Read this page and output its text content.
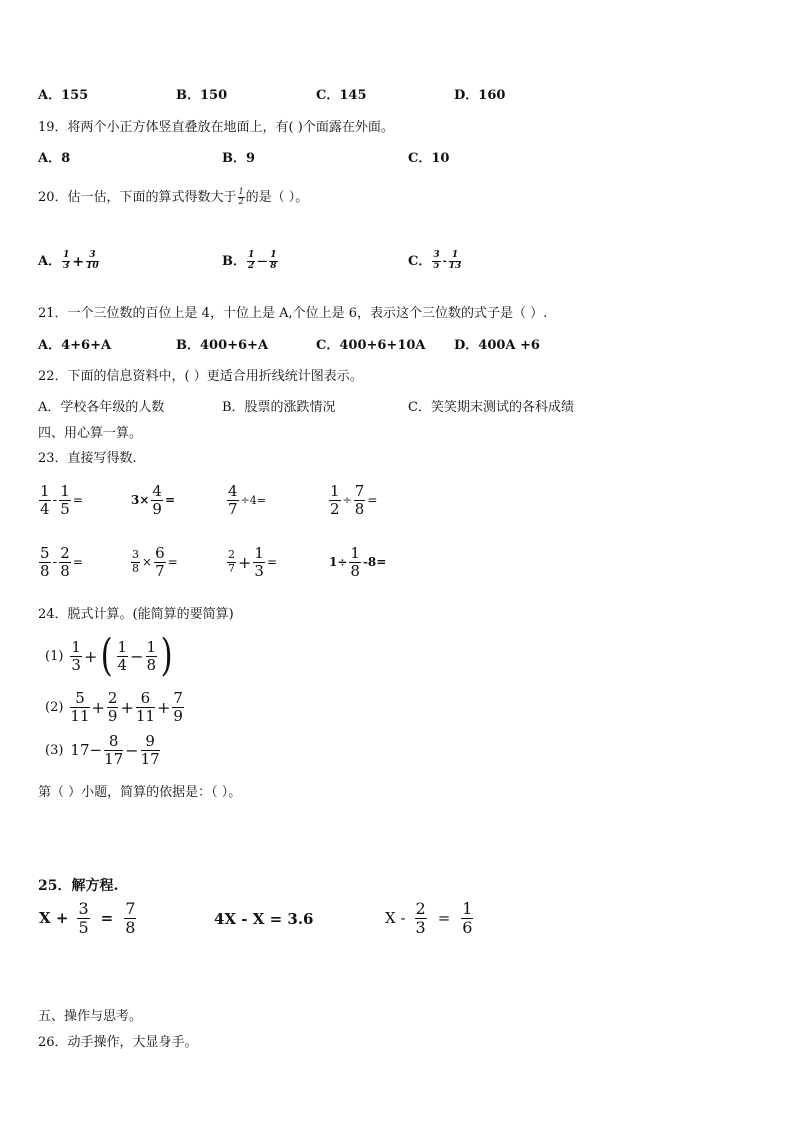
A．155	B．150	C．145	D．160
19．将两个小正方体竖直叠放在地面上，有( )个面露在外面。
A．8	B．9	C．10
20．估一估，下面的算式得数大于 $\frac{1}{2}$ 的是（ ）。
A． $\frac{1}{3} + \frac{3}{10}$	B． $\frac{1}{2}$ — $\frac{1}{8}$	C． $\frac{3}{5} - \frac{1}{13}$
21．一个三位数的百位上是 4，十位上是 A,个位上是 6，表示这个三位数的式子是（ ）.
A．4+6+A	B．400+6+A	C．400+6+10A D．400A +6
22．下面的信息资料中，( ）更适合用折线统计图表示。
A．学校各年级的人数	B．股票的涨跌情况	C．笑笑期末测试的各科成绩
四、用心算一算。
23．直接写得数.
$\frac{1}{4} - \frac{1}{5}$ =	$3\times \frac{4}{9}$ =	$\frac{4}{7} \div 4=$	$\frac{1}{2} \div \frac{7}{8}$ =
$\frac{5}{8} - \frac{2}{8}$ =	$\frac{3}{8} \times \frac{6}{7}$ =	$\frac{2}{7} + \frac{1}{3}$ =	$1\div \frac{1}{8} -8=$
24．脱式计算。(能简算的要简算)
$(1) \frac{1}{3}$ +( $\frac{1}{4} - \frac{1}{8}$ )
$(2) \frac{5}{11} + \frac{2}{9} + \frac{6}{11} + \frac{7}{9}$
(3) $17- \frac{8}{17} - \frac{9}{17}$
第（ ）小题，简算的依据是：（ ）。
25．解方程.
$X + \frac{3}{5} = \frac{7}{8}$	4X - X = 3.6	$X - \frac{2}{3} = \frac{1}{6}$
五、操作与思考。
26．动手操作，大显身手。
